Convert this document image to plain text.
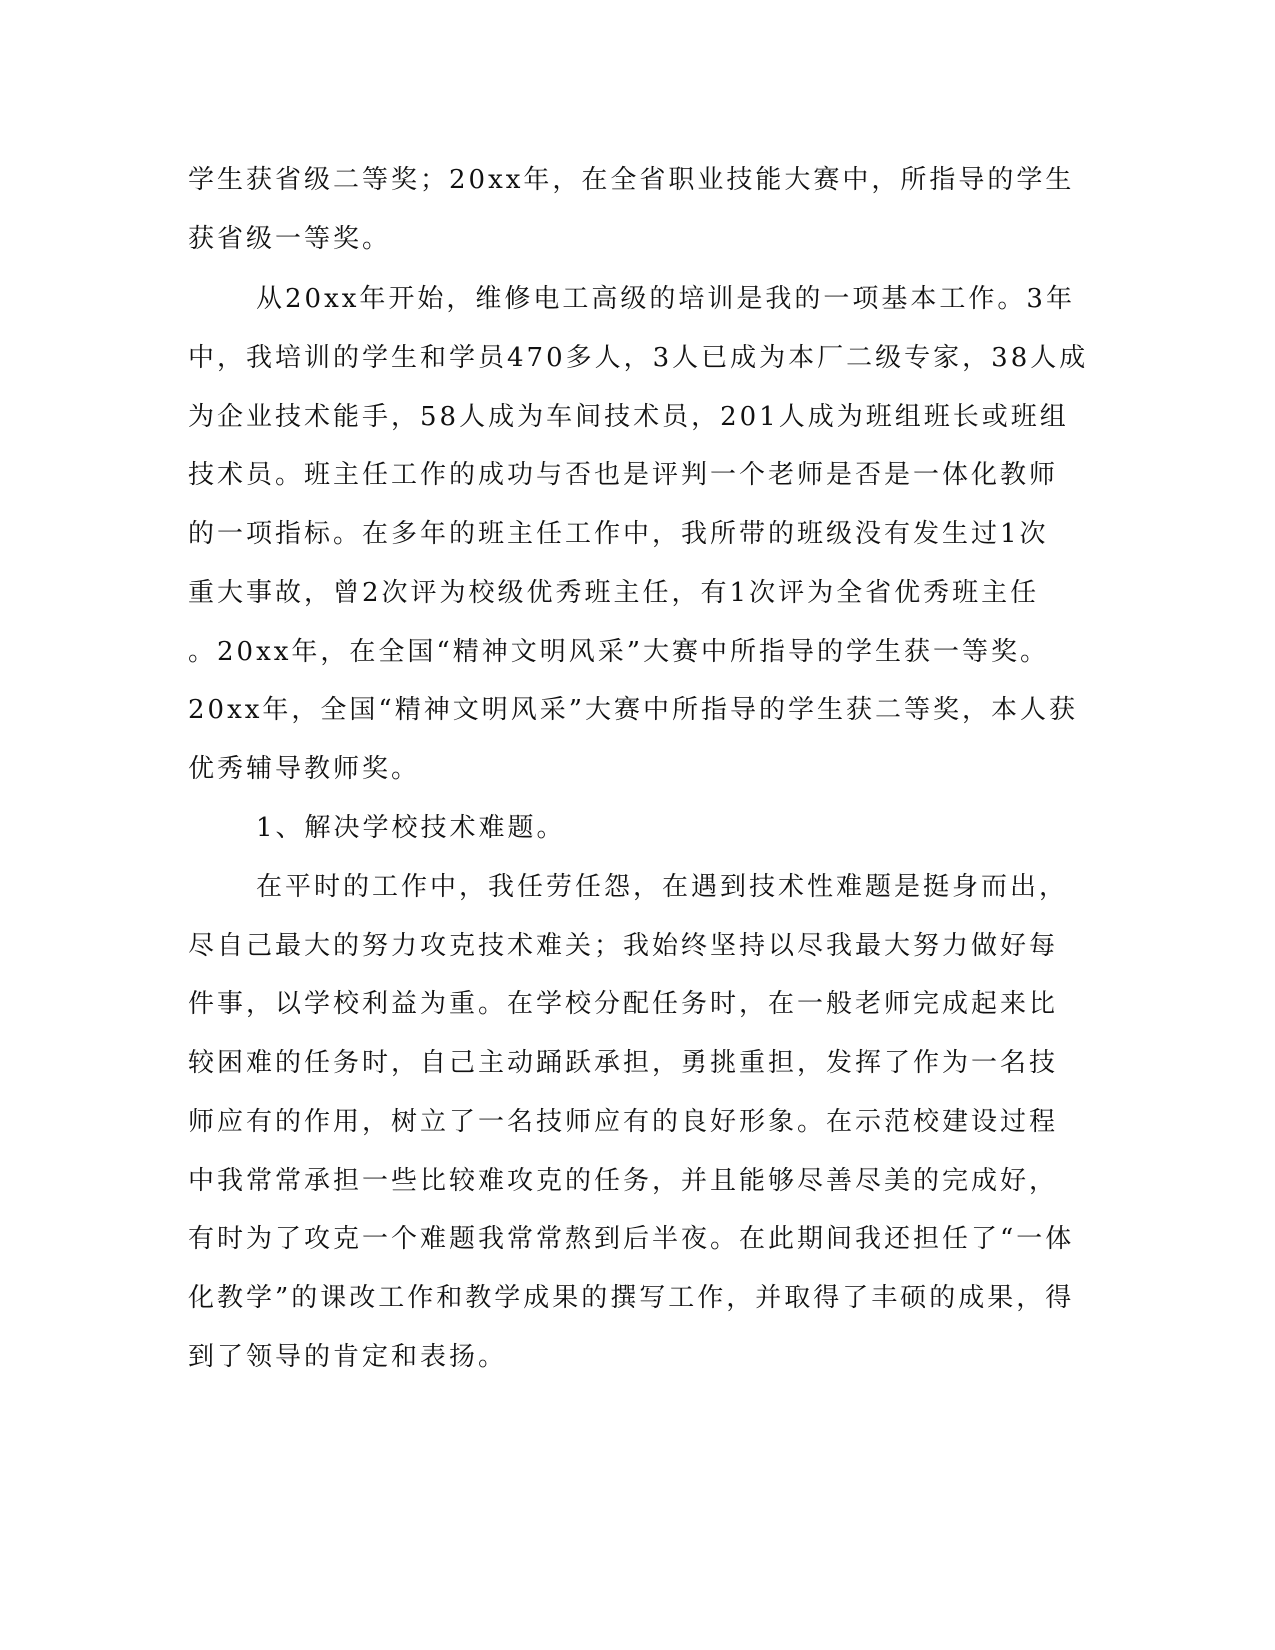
学生获省级二等奖；20xx年，在全省职业技能大赛中，所指导的学生
获省级一等奖。
从20xx年开始，维修电工高级的培训是我的一项基本工作。3年
中，我培训的学生和学员470多人，3人已成为本厂二级专家，38人成
为企业技术能手，58人成为车间技术员，201人成为班组班长或班组
技术员。班主任工作的成功与否也是评判一个老师是否是一体化教师
的一项指标。在多年的班主任工作中，我所带的班级没有发生过1次
重大事故，曾2次评为校级优秀班主任，有1次评为全省优秀班主任
。20xx年，在全国“精神文明风采”大赛中所指导的学生获一等奖。
20xx年，全国“精神文明风采”大赛中所指导的学生获二等奖，本人获
优秀辅导教师奖。
1、解决学校技术难题。
在平时的工作中，我任劳任怨，在遇到技术性难题是挺身而出，
尽自己最大的努力攻克技术难关；我始终坚持以尽我最大努力做好每
件事，以学校利益为重。在学校分配任务时，在一般老师完成起来比
较困难的任务时，自己主动踊跃承担，勇挑重担，发挥了作为一名技
师应有的作用，树立了一名技师应有的良好形象。在示范校建设过程
中我常常承担一些比较难攻克的任务，并且能够尽善尽美的完成好，
有时为了攻克一个难题我常常熬到后半夜。在此期间我还担任了“一体
化教学”的课改工作和教学成果的撰写工作，并取得了丰硕的成果，得
到了领导的肯定和表扬。
